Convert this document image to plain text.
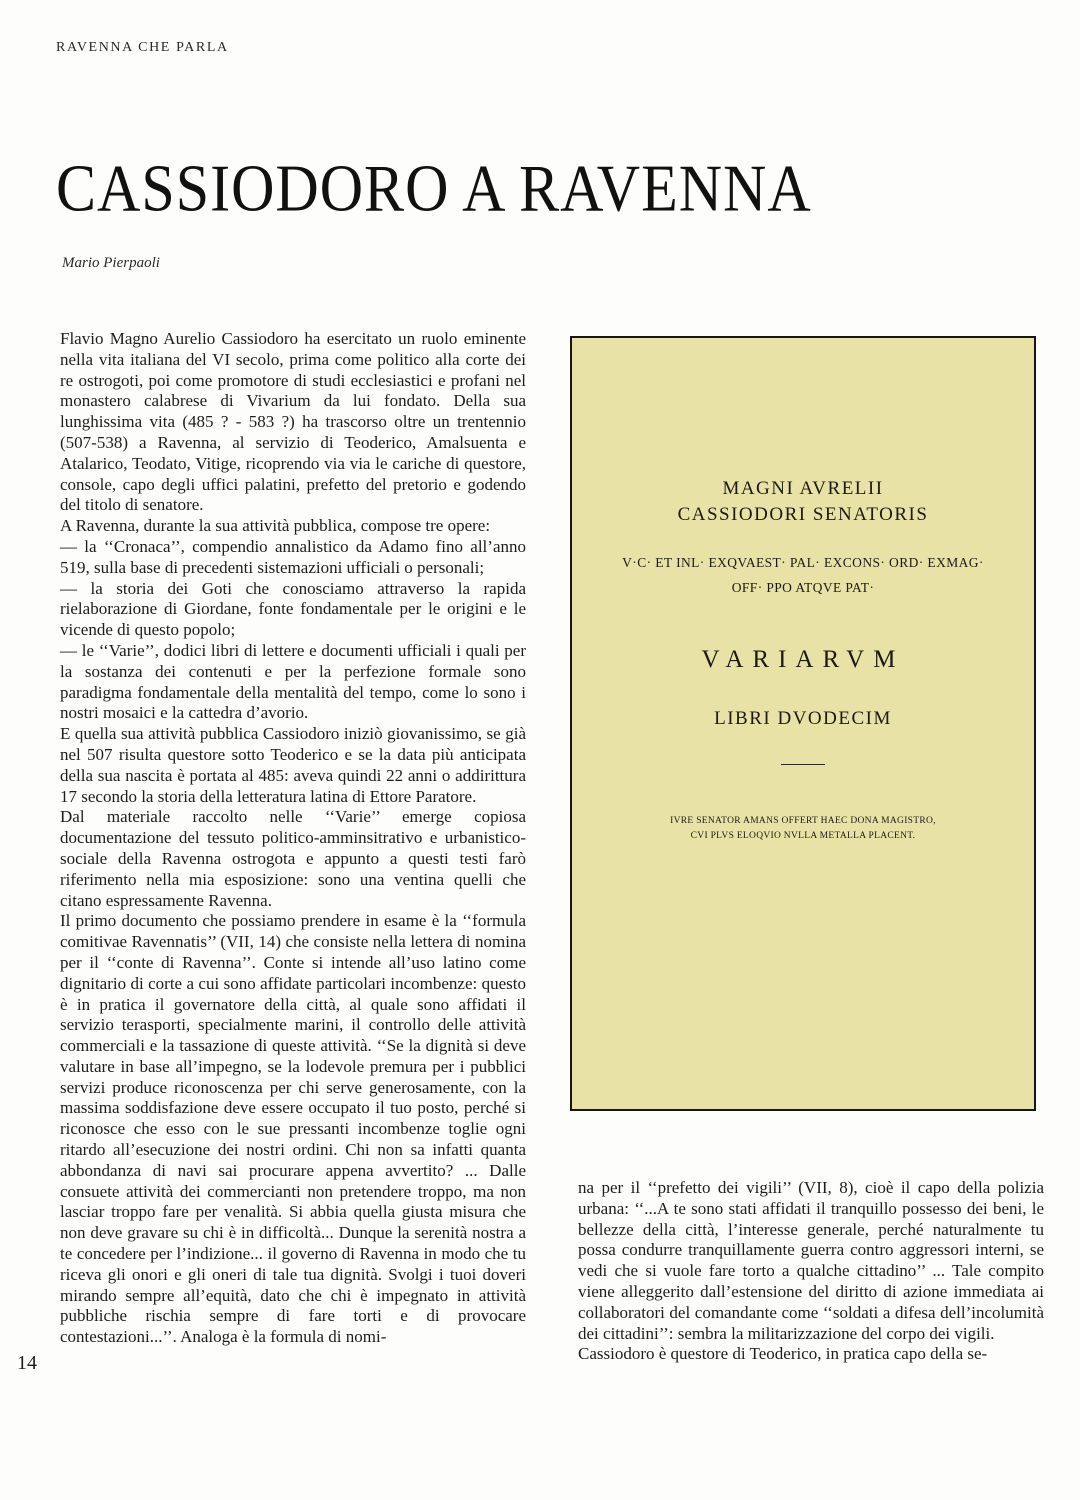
RAVENNA CHE PARLA
CASSIODORO A RAVENNA
Mario Pierpaoli

Flavio Magno Aurelio Cassiodoro ha esercitato un ruolo eminente nella vita italiana del VI secolo, prima come politico alla corte dei re ostrogoti, poi come promotore di studi ecclesiastici e profani nel monastero calabrese di Vivarium da lui fondato. Della sua lunghissima vita (485 ? - 583 ?) ha trascorso oltre un trentennio (507-538) a Ravenna, al servizio di Teoderico, Amalsuenta e Atalarico, Teodato, Vitige, ricoprendo via via le cariche di questore, console, capo degli uffici palatini, prefetto del pretorio e godendo del titolo di senatore.

A Ravenna, durante la sua attività pubblica, compose tre opere:

— la ‘‘Cronaca’’, compendio annalistico da Adamo fino all’anno 519, sulla base di precedenti sistemazioni ufficiali o personali;

— la storia dei Goti che conosciamo attraverso la rapida rielaborazione di Giordane, fonte fondamentale per le origini e le vicende di questo popolo;

— le ‘‘Varie’’, dodici libri di lettere e documenti ufficiali i quali per la sostanza dei contenuti e per la perfezione formale sono paradigma fondamentale della mentalità del tempo, come lo sono i nostri mosaici e la cattedra d’avorio.

E quella sua attività pubblica Cassiodoro iniziò giovanissimo, se già nel 507 risulta questore sotto Teoderico e se la data più anticipata della sua nascita è portata al 485: aveva quindi 22 anni o addirittura 17 secondo la storia della letteratura latina di Ettore Paratore.

Dal materiale raccolto nelle ‘‘Varie’’ emerge copiosa documentazione del tessuto politico-amminsitrativo e urbanistico-sociale della Ravenna ostrogota e appunto a questi testi farò riferimento nella mia esposizione: sono una ventina quelli che citano espressamente Ravenna.

Il primo documento che possiamo prendere in esame è la ‘‘formula comitivae Ravennatis’’ (VII, 14) che consiste nella lettera di nomina per il ‘‘conte di Ravenna’’. Conte si intende all’uso latino come dignitario di corte a cui sono affidate particolari incombenze: questo è in pratica il governatore della città, al quale sono affidati il servizio terasporti, specialmente marini, il controllo delle attività commerciali e la tassazione di queste attività. ‘‘Se la dignità si deve valutare in base all’impegno, se la lodevole premura per i pubblici servizi produce riconoscenza per chi serve generosamente, con la massima soddisfazione deve essere occupato il tuo posto, perché si riconosce che esso con le sue pressanti incombenze toglie ogni ritardo all’esecuzione dei nostri ordini. Chi non sa infatti quanta abbondanza di navi sai procurare appena avvertito? ... Dalle consuete attività dei commercianti non pretendere troppo, ma non lasciar troppo fare per venalità. Si abbia quella giusta misura che non deve gravare su chi è in difficoltà... Dunque la serenità nostra a te concedere per l’indizione... il governo di Ravenna in modo che tu riceva gli onori e gli oneri di tale tua dignità. Svolgi i tuoi doveri mirando sempre all’equità, dato che chi è impegnato in attività pubbliche rischia sempre di fare torti e di provocare contestazioni...’’. Analoga è la formula di nomi-

MAGNI AVRELII
CASSIODORI SENATORIS
V·C· ET INL· EXQVAEST· PAL· EXCONS· ORD· EXMAG·
OFF· PPO ATQVE PAT·
VARIARVM
LIBRI DVODECIM
IVRE SENATOR AMANS OFFERT HAEC DONA MAGISTRO,
CVI PLVS ELOQVIO NVLLA METALLA PLACENT.

na per il ‘‘prefetto dei vigili’’ (VII, 8), cioè il capo della polizia urbana: ‘‘...A te sono stati affidati il tranquillo possesso dei beni, le bellezze della città, l’interesse generale, perché naturalmente tu possa condurre tranquillamente guerra contro aggressori interni, se vedi che si vuole fare torto a qualche cittadino’’ ... Tale compito viene alleggerito dall’estensione del diritto di azione immediata ai collaboratori del comandante come ‘‘soldati a difesa dell’incolumità dei cittadini’’: sembra la militarizzazione del corpo dei vigili.

Cassiodoro è questore di Teoderico, in pratica capo della se-

14
